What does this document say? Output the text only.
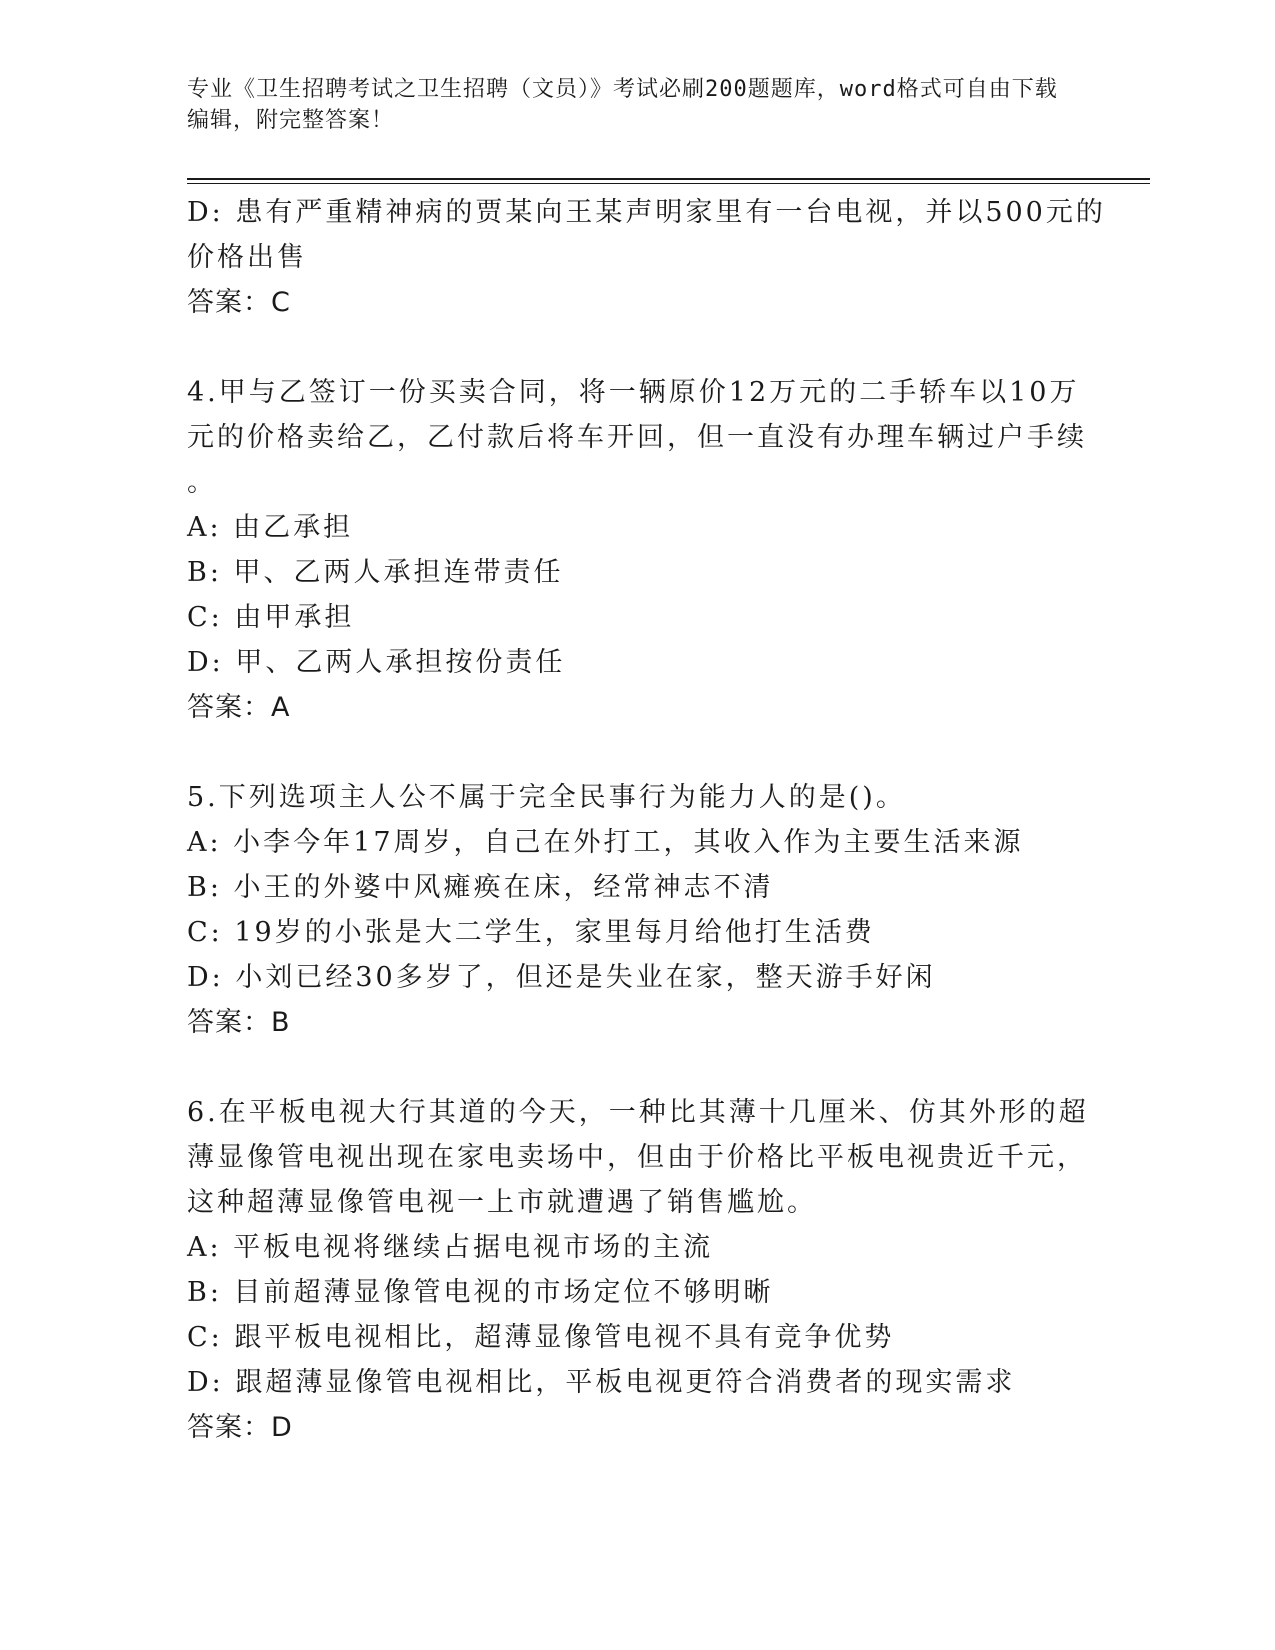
专业《卫生招聘考试之卫生招聘（文员）》考试必刷200题题库，word格式可自由下载编辑，附完整答案！
D: 患有严重精神病的贾某向王某声明家里有一台电视，并以500元的
价格出售
答案：C
4.甲与乙签订一份买卖合同，将一辆原价12万元的二手轿车以10万
元的价格卖给乙，乙付款后将车开回，但一直没有办理车辆过户手续
。
A: 由乙承担
B: 甲、乙两人承担连带责任
C: 由甲承担
D: 甲、乙两人承担按份责任
答案：A
5.下列选项主人公不属于完全民事行为能力人的是()。
A: 小李今年17周岁，自己在外打工，其收入作为主要生活来源
B: 小王的外婆中风瘫痪在床，经常神志不清
C: 19岁的小张是大二学生，家里每月给他打生活费
D: 小刘已经30多岁了，但还是失业在家，整天游手好闲
答案：B
6.在平板电视大行其道的今天，一种比其薄十几厘米、仿其外形的超
薄显像管电视出现在家电卖场中，但由于价格比平板电视贵近千元，
这种超薄显像管电视一上市就遭遇了销售尴尬。
A: 平板电视将继续占据电视市场的主流
B: 目前超薄显像管电视的市场定位不够明晰
C: 跟平板电视相比，超薄显像管电视不具有竞争优势
D: 跟超薄显像管电视相比，平板电视更符合消费者的现实需求
答案：D
